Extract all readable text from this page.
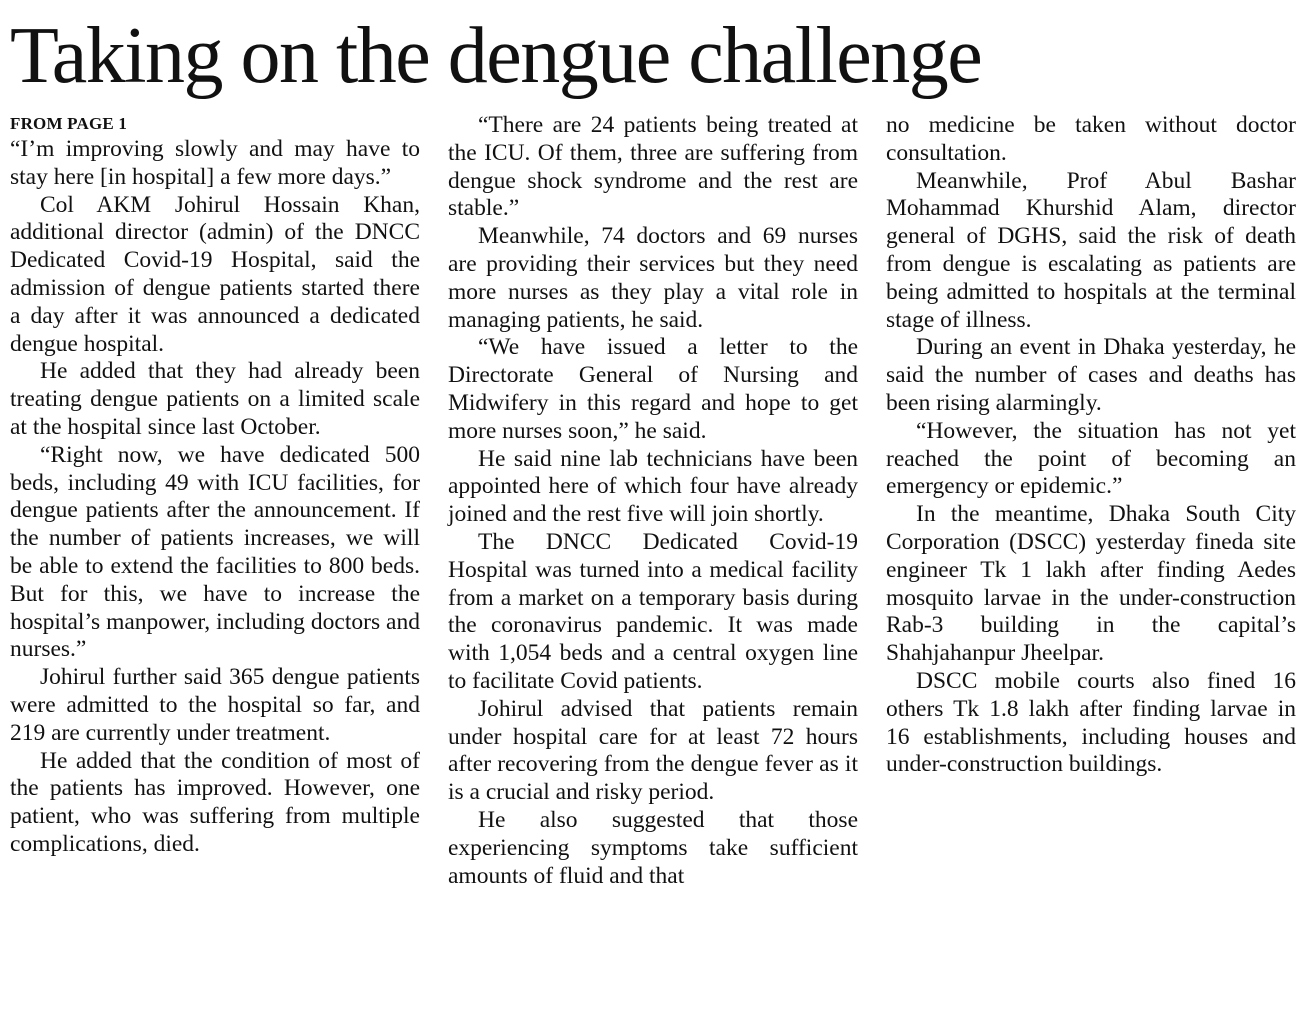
Taking on the dengue challenge
FROM PAGE 1

“I’m improving slowly and may have to stay here [in hospital] a few more days.”

Col AKM Johirul Hossain Khan, additional director (admin) of the DNCC Dedicated Covid-19 Hospital, said the admission of dengue patients started there a day after it was announced a dedicated dengue hospital.

He added that they had already been treating dengue patients on a limited scale at the hospital since last October.

“Right now, we have dedicated 500 beds, including 49 with ICU facilities, for dengue patients after the announcement. If the number of patients increases, we will be able to extend the facilities to 800 beds. But for this, we have to increase the hospital’s manpower, including doctors and nurses.”

Johirul further said 365 dengue patients were admitted to the hospital so far, and 219 are currently under treatment.

He added that the condition of most of the patients has improved. However, one patient, who was suffering from multiple complications, died.

“There are 24 patients being treated at the ICU. Of them, three are suffering from dengue shock syndrome and the rest are stable.”

Meanwhile, 74 doctors and 69 nurses are providing their services but they need more nurses as they play a vital role in managing patients, he said.

“We have issued a letter to the Directorate General of Nursing and Midwifery in this regard and hope to get more nurses soon,” he said.

He said nine lab technicians have been appointed here of which four have already joined and the rest five will join shortly.

The DNCC Dedicated Covid-19 Hospital was turned into a medical facility from a market on a temporary basis during the coronavirus pandemic. It was made with 1,054 beds and a central oxygen line to facilitate Covid patients.

Johirul advised that patients remain under hospital care for at least 72 hours after recovering from the dengue fever as it is a crucial and risky period.

He also suggested that those experiencing symptoms take sufficient amounts of fluid and that

no medicine be taken without doctor consultation.

Meanwhile, Prof Abul Bashar Mohammad Khurshid Alam, director general of DGHS, said the risk of death from dengue is escalating as patients are being admitted to hospitals at the terminal stage of illness.

During an event in Dhaka yesterday, he said the number of cases and deaths has been rising alarmingly.

“However, the situation has not yet reached the point of becoming an emergency or epidemic.”

In the meantime, Dhaka South City Corporation (DSCC) yesterday fineda site engineer Tk 1 lakh after finding Aedes mosquito larvae in the under-construction Rab-3 building in the capital’s Shahjahanpur Jheelpar.

DSCC mobile courts also fined 16 others Tk 1.8 lakh after finding larvae in 16 establishments, including houses and under-construction buildings.
